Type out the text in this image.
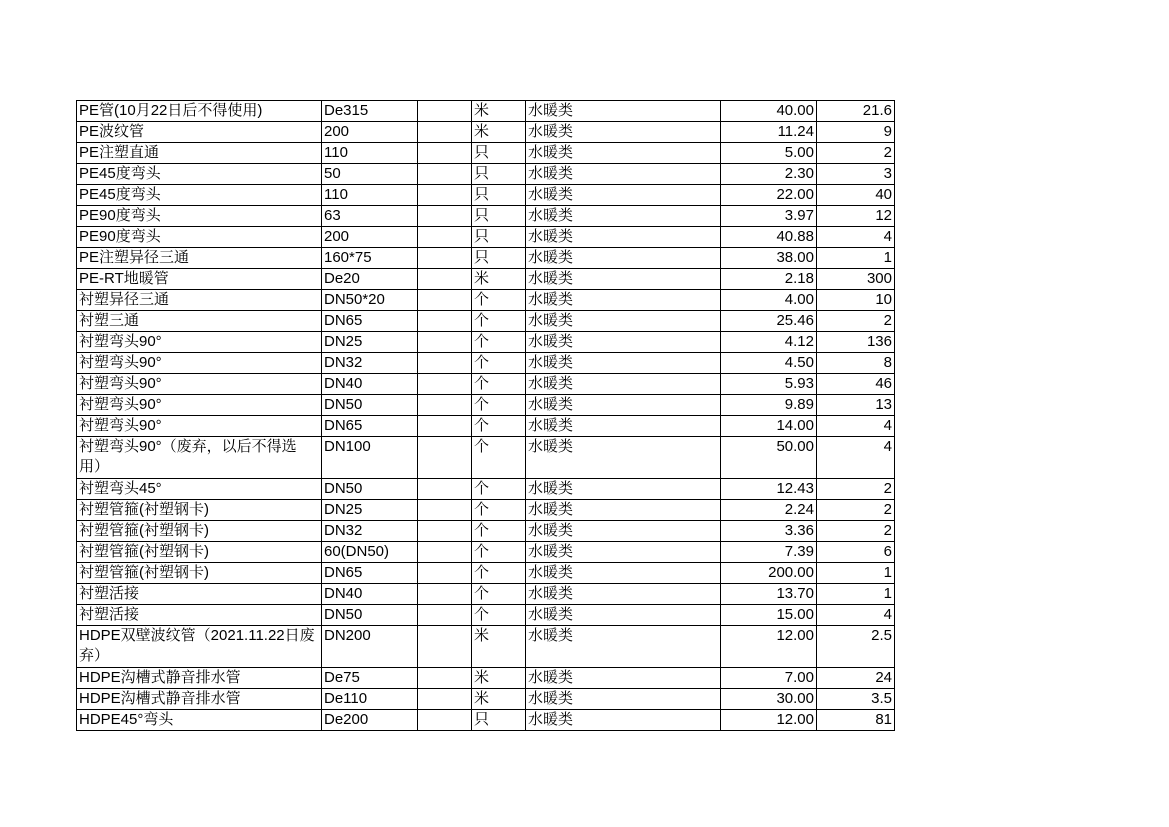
PE管(10月22日后不得使用)	De315		米	水暖类	40.00	21.6
PE波纹管	200		米	水暖类	11.24	9
PE注塑直通	110		只	水暖类	5.00	2
PE45度弯头	50		只	水暖类	2.30	3
PE45度弯头	110		只	水暖类	22.00	40
PE90度弯头	63		只	水暖类	3.97	12
PE90度弯头	200		只	水暖类	40.88	4
PE注塑异径三通	160*75		只	水暖类	38.00	1
PE-RT地暖管	De20		米	水暖类	2.18	300
衬塑异径三通	DN50*20		个	水暖类	4.00	10
衬塑三通	DN65		个	水暖类	25.46	2
衬塑弯头90°	DN25		个	水暖类	4.12	136
衬塑弯头90°	DN32		个	水暖类	4.50	8
衬塑弯头90°	DN40		个	水暖类	5.93	46
衬塑弯头90°	DN50		个	水暖类	9.89	13
衬塑弯头90°	DN65		个	水暖类	14.00	4
衬塑弯头90°（废弃，以后不得选用）	DN100		个	水暖类	50.00	4
衬塑弯头45°	DN50		个	水暖类	12.43	2
衬塑管箍(衬塑钢卡)	DN25		个	水暖类	2.24	2
衬塑管箍(衬塑钢卡)	DN32		个	水暖类	3.36	2
衬塑管箍(衬塑钢卡)	60(DN50)		个	水暖类	7.39	6
衬塑管箍(衬塑钢卡)	DN65		个	水暖类	200.00	1
衬塑活接	DN40		个	水暖类	13.70	1
衬塑活接	DN50		个	水暖类	15.00	4
HDPE双壁波纹管（2021.11.22日废弃）	DN200		米	水暖类	12.00	2.5
HDPE沟槽式静音排水管	De75		米	水暖类	7.00	24
HDPE沟槽式静音排水管	De110		米	水暖类	30.00	3.5
HDPE45°弯头	De200		只	水暖类	12.00	81
